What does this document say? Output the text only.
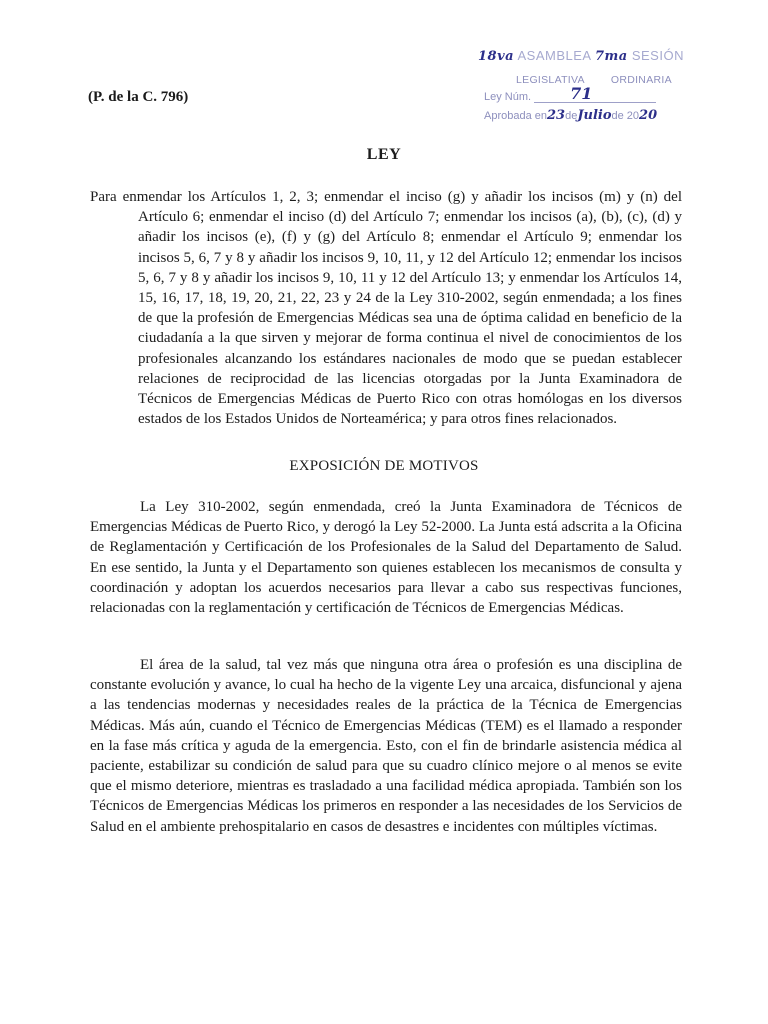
18va ASAMBLEA 7ma SESIÓN
LEGISLATIVA ORDINARIA
Ley Núm. 71
Aprobada en23deJuliode 2020
(P. de la C. 796)
LEY
Para enmendar los Artículos 1, 2, 3; enmendar el inciso (g) y añadir los incisos (m) y (n) del Artículo 6; enmendar el inciso (d) del Artículo 7; enmendar los incisos (a), (b), (c), (d) y añadir los incisos (e), (f) y (g) del Artículo 8; enmendar el Artículo 9; enmendar los incisos 5, 6, 7 y 8 y añadir los incisos 9, 10, 11, y 12 del Artículo 12; enmendar los incisos 5, 6, 7 y 8 y añadir los incisos 9, 10, 11 y 12 del Artículo 13; y enmendar los Artículos 14, 15, 16, 17, 18, 19, 20, 21, 22, 23 y 24 de la Ley 310-2002, según enmendada; a los fines de que la profesión de Emergencias Médicas sea una de óptima calidad en beneficio de la ciudadanía a la que sirven y mejorar de forma continua el nivel de conocimientos de los profesionales alcanzando los estándares nacionales de modo que se puedan establecer relaciones de reciprocidad de las licencias otorgadas por la Junta Examinadora de Técnicos de Emergencias Médicas de Puerto Rico con otras homólogas en los diversos estados de los Estados Unidos de Norteamérica; y para otros fines relacionados.
EXPOSICIÓN DE MOTIVOS
La Ley 310-2002, según enmendada, creó la Junta Examinadora de Técnicos de Emergencias Médicas de Puerto Rico, y derogó la Ley 52-2000. La Junta está adscrita a la Oficina de Reglamentación y Certificación de los Profesionales de la Salud del Departamento de Salud. En ese sentido, la Junta y el Departamento son quienes establecen los mecanismos de consulta y coordinación y adoptan los acuerdos necesarios para llevar a cabo sus respectivas funciones, relacionadas con la reglamentación y certificación de Técnicos de Emergencias Médicas.
El área de la salud, tal vez más que ninguna otra área o profesión es una disciplina de constante evolución y avance, lo cual ha hecho de la vigente Ley una arcaica, disfuncional y ajena a las tendencias modernas y necesidades reales de la práctica de la Técnica de Emergencias Médicas. Más aún, cuando el Técnico de Emergencias Médicas (TEM) es el llamado a responder en la fase más crítica y aguda de la emergencia. Esto, con el fin de brindarle asistencia médica al paciente, estabilizar su condición de salud para que su cuadro clínico mejore o al menos se evite que el mismo deteriore, mientras es trasladado a una facilidad médica apropiada. También son los Técnicos de Emergencias Médicas los primeros en responder a las necesidades de los Servicios de Salud en el ambiente prehospitalario en casos de desastres e incidentes con múltiples víctimas.
